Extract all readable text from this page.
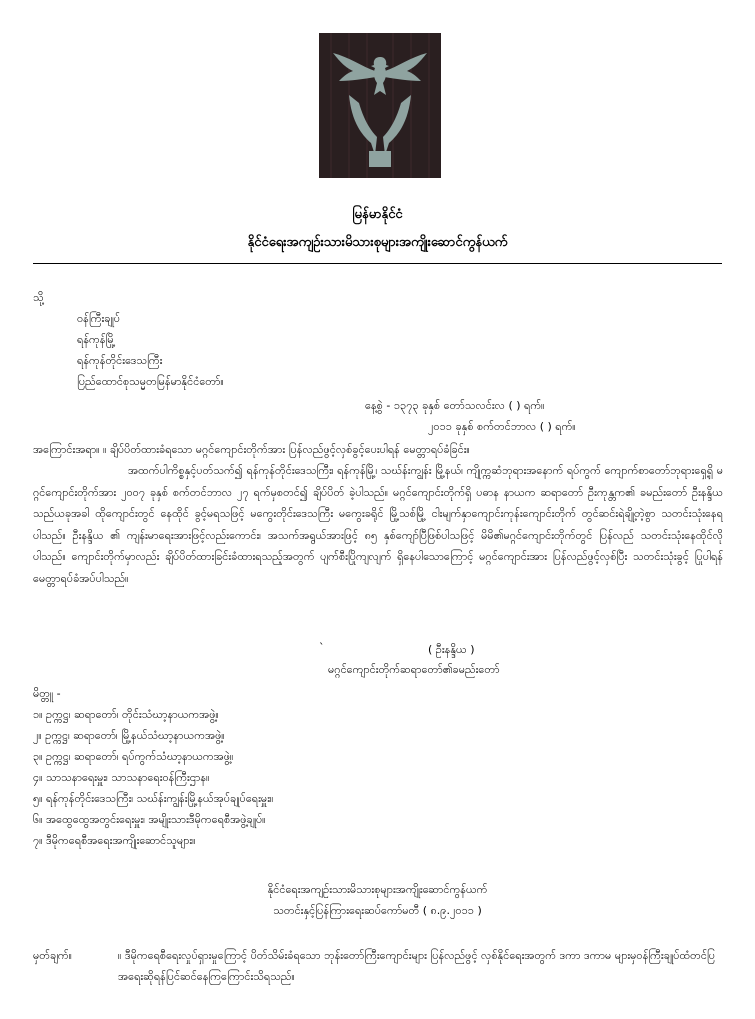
မြန်မာနိုင်ငံ
နိုင်ငံရေးအကျဉ်းသားမိသားစုများအကျိုးဆောင်ကွန်ယက်
သို့
ဝန်ကြီးချုပ်
ရန်ကုန်မြို့
ရန်ကုန်တိုင်းဒေသကြီး
ပြည်ထောင်စုသမ္မတမြန်မာနိုင်ငံတော်။
နေ့စွဲ - ၁၃၇၃ ခုနှစ် တော်သလင်းလ ( ) ရက်။
၂၀၁၁ ခုနှစ် စက်တင်ဘာလ ( ) ရက်။
အကြောင်းအရာ။ ။ ချိပ်ပိတ်ထားခံရသော မဂ္ဂင်ကျောင်းတိုက်အား ပြန်လည်ဖွင့်လှစ်ခွင့်ပေးပါရန် မေတ္တာရပ်ခံခြင်း။
အထက်ပါကိစ္စနှင့်ပတ်သက်၍ ရန်ကုန်တိုင်းဒေသကြီး၊ ရန်ကုန်မြို့၊ သဃ်န်းကျွန်း မြို့နယ်၊ ကျိုက္ကဆံဘုရားအနောက် ရပ်ကွက် ကျောက်စာတော်ဘုရားရှေ့ရှိ မဂ္ဂင်ကျောင်းတိုက်အား ၂၀၀၇ ခုနှစ် စက်တင်ဘာလ ၂၇ ရက်မှစတင်၍ ချိပ်ပိတ် ခဲ့ပါသည်။ မဂ္ဂင်ကျောင်းတိုက်ရှိ ပဓာန နာယက ဆရာတော် ဦးကုန္တက၏ ခမည်းတော် ဦးနန္ဒိယ သည်ယခုအခါ ထိုကျောင်းတွင် နေထိုင် ခွင့်မရသဖြင့် မကွေးတိုင်းဒေသကြီး မကွေးခရိုင် မြို့သစ်မြို့ ငါးမျက်နှာကျောင်းကုန်းကျောင်းတိုက် တွင်ဆင်းရဲချို့တဲ့စွာ သတင်းသုံးနေရပါသည်။ ဦးနန္ဒိယ ၏ ကျန်းမာရေးအားဖြင့်လည်းကောင်း၊ အသက်အရွယ်အားဖြင့် ၈၅ နှစ်ကျော်ပြီဖြစ်ပါသဖြင့် မိမိ၏မဂ္ဂင်ကျောင်းတိုက်တွင် ပြန်လည် သတင်းသုံးနေထိုင်လိုပါသည်။ ကျောင်းတိုက်မှာလည်း ချိပ်ပိတ်ထားခြင်းခံထားရသည့်အတွက် ပျက်စီးပြိုကျလျက် ရှိနေပါသောကြောင့် မဂ္ဂင်ကျောင်းအား ပြန်လည်ဖွင့်လှစ်ပြီး သတင်းသုံးခွင့် ပြုပါရန် မေတ္တာရပ်ခံအပ်ပါသည်။
`	( ဦးနန္ဒိယ )
မဂ္ဂင်ကျောင်းတိုက်ဆရာတော်၏ခမည်းတော်
မိတ္တူ -
၁။ ဥက္ကဋ္ဌ၊ ဆရာတော်၊ တိုင်းသံဃာ့နာယကအဖွဲ့။
၂။ ဥက္ကဋ္ဌ၊ ဆရာတော်၊ မြို့နယ်သံဃာ့နာယကအဖွဲ့။
၃။ ဥက္ကဋ္ဌ၊ ဆရာတော်၊ ရပ်ကွက်သံဃာ့နာယကအဖွဲ့။
၄။ သာသနာရေးမှူး၊ သာသနာရေးဝန်ကြီးဌာန။
၅။ ရန်ကုန်တိုင်းဒေသကြီး၊ သဃ်န်းကျွန်းမြို့နယ်အုပ်ချုပ်ရေးမှူး။
၆။ အထွေထွေအတွင်းရေးမှူး၊ အမျိုးသားဒီမိုကရေစီအဖွဲ့ချုပ်။
၇။ ဒီမိုကရေစီအရေးအကျိုးဆောင်သူများ။
နိုင်ငံရေးအကျဉ်းသားမိသားစုများအကျိုးဆောင်ကွန်ယက်
သတင်းနှင့်ပြန်ကြားရေးဆပ်ကော်မတီ ( ၈.၉.၂၀၁၁ )
မှတ်ချက်။	။ ဒီမိုကရေစီရေးလှုပ်ရှားမှုကြောင့် ပိတ်သိမ်းခံရသော ဘုန်းတော်ကြီးကျောင်းများ ပြန်လည်ဖွင့် လှစ်နိုင်ရေးအတွက် ဒကာ ဒကာမ များမှဝန်ကြီးချုပ်ထံတင်ပြ အရေးဆိုရန်ပြင်ဆင်နေကြကြောင်းသိရသည်။
